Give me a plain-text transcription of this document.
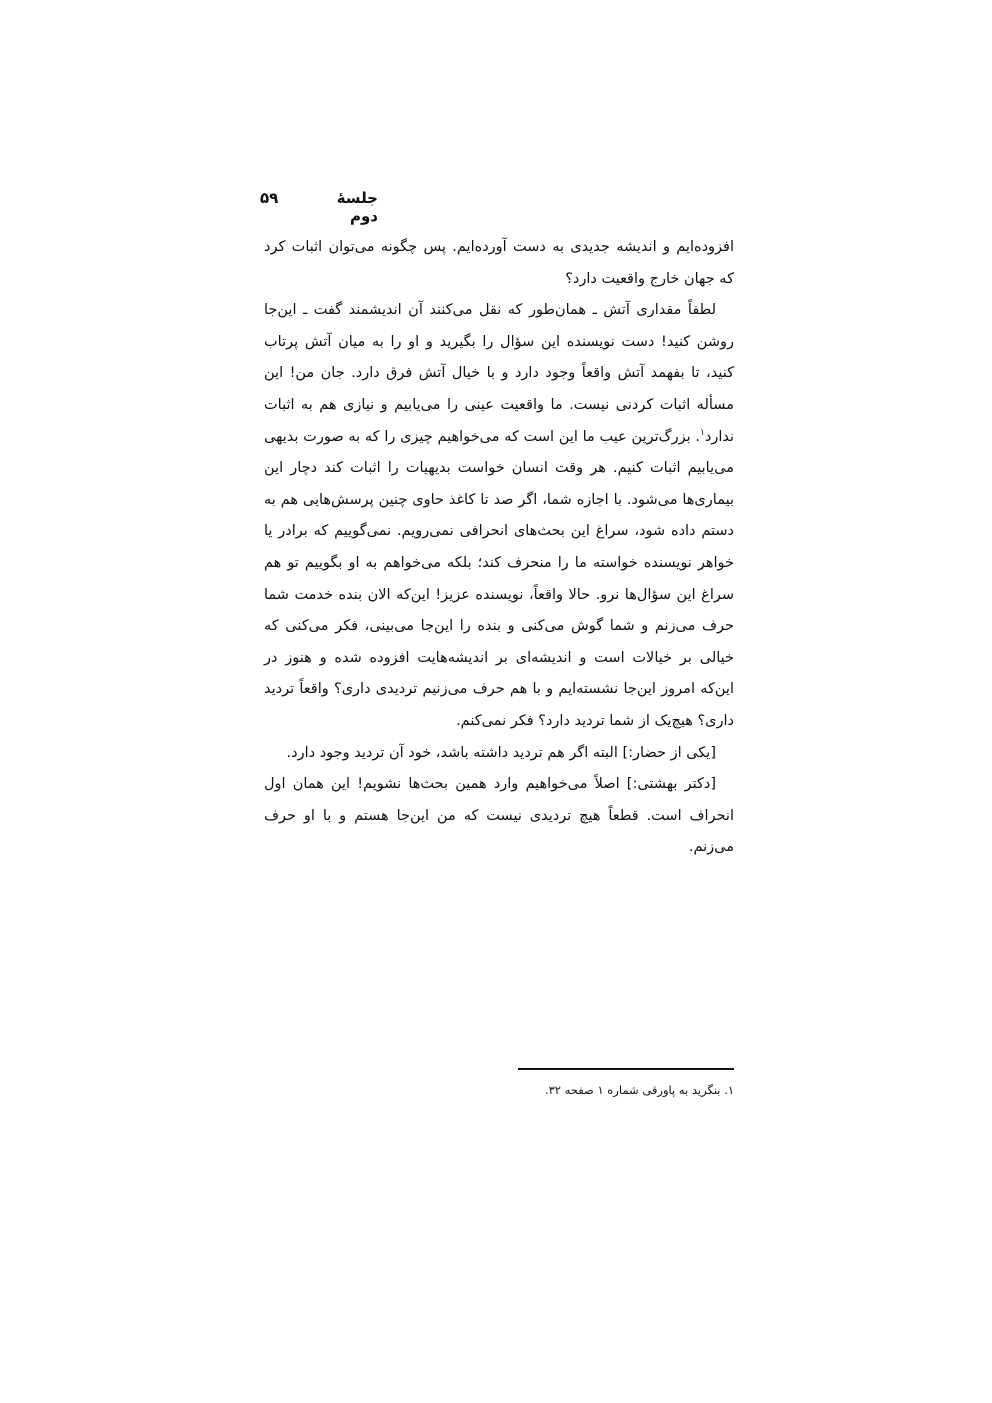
جلسهٔ دوم
۵۹

افزوده‌ایم و اندیشه جدیدی به دست آورده‌ایم. پس چگونه می‌توان اثبات کرد که جهان خارج واقعیت دارد؟

لطفاً مقداری آتش ـ همان‌طور که نقل می‌کنند آن اندیشمند گفت ـ این‌جا روشن کنید! دست نویسنده این سؤال را بگیرید و او را به میان آتش پرتاب کنید، تا بفهمد آتش واقعاً وجود دارد و با خیال آتش فرق دارد. جان من! این مسأله اثبات کردنی نیست. ما واقعیت عینی را می‌یابیم و نیازی هم به اثبات ندارد$^۱$. بزرگ‌ترین عیب ما این است که می‌خواهیم چیزی را که به صورت بدیهی می‌یابیم اثبات کنیم. هر وقت انسان خواست بدیهیات را اثبات کند دچار این بیماری‌ها می‌شود. با اجازه شما، اگر صد تا کاغذ حاوی چنین پرسش‌هایی هم به دستم داده شود، سراغ این بحث‌های انحرافی نمی‌رویم. نمی‌گوییم که برادر یا خواهر نویسنده خواسته ما را منحرف کند؛ بلکه می‌خواهم به او بگوییم تو هم سراغ این سؤال‌ها نرو. حالا واقعاً، نویسنده عزیز! این‌که الان بنده خدمت شما حرف می‌زنم و شما گوش می‌کنی و بنده را این‌جا می‌بینی، فکر می‌کنی که خیالی بر خیالات است و اندیشه‌ای بر اندیشه‌هایت افزوده شده و هنوز در این‌که امروز این‌جا نشسته‌ایم و با هم حرف می‌زنیم تردیدی داری؟ واقعاً تردید داری؟ هیچ‌یک از شما تردید دارد؟ فکر نمی‌کنم.

[یکی از حضار:] البته اگر هم تردید داشته باشد، خود آن تردید وجود دارد.

[دکتر بهشتی:] اصلاً می‌خواهیم وارد همین بحث‌ها نشویم! این همان اول انحراف است. قطعاً هیچ تردیدی نیست که من این‌جا هستم و با او حرف می‌زنم.

۱. بنگرید به پاورقی شماره ۱ صفحه ۳۲.
